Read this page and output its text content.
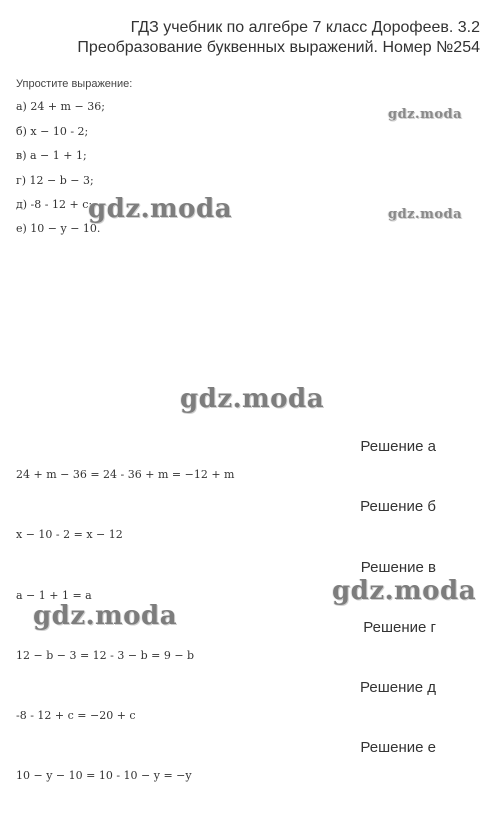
ГДЗ учебник по алгебре 7 класс Дорофеев. 3.2
Преобразование буквенных выражений. Номер №254
Упростите выражение:
а) 24 + m − 36;
б) x − 10 - 2;
в) a − 1 + 1;
г) 12 − b − 3;
д) -8 - 12 + c;
е) 10 − y − 10.
Решение а
24 + m − 36 = 24 - 36 + m = −12 + m
Решение б
x − 10 - 2 = x − 12
Решение в
a − 1 + 1 = a
Решение г
12 − b − 3 = 12 - 3 − b = 9 − b
Решение д
-8 - 12 + c = −20 + c
Решение е
10 − y − 10 = 10 - 10 − y = −y
gdz.moda
gdz.moda
gdz.moda
gdz.moda
gdz.moda
gdz.moda
